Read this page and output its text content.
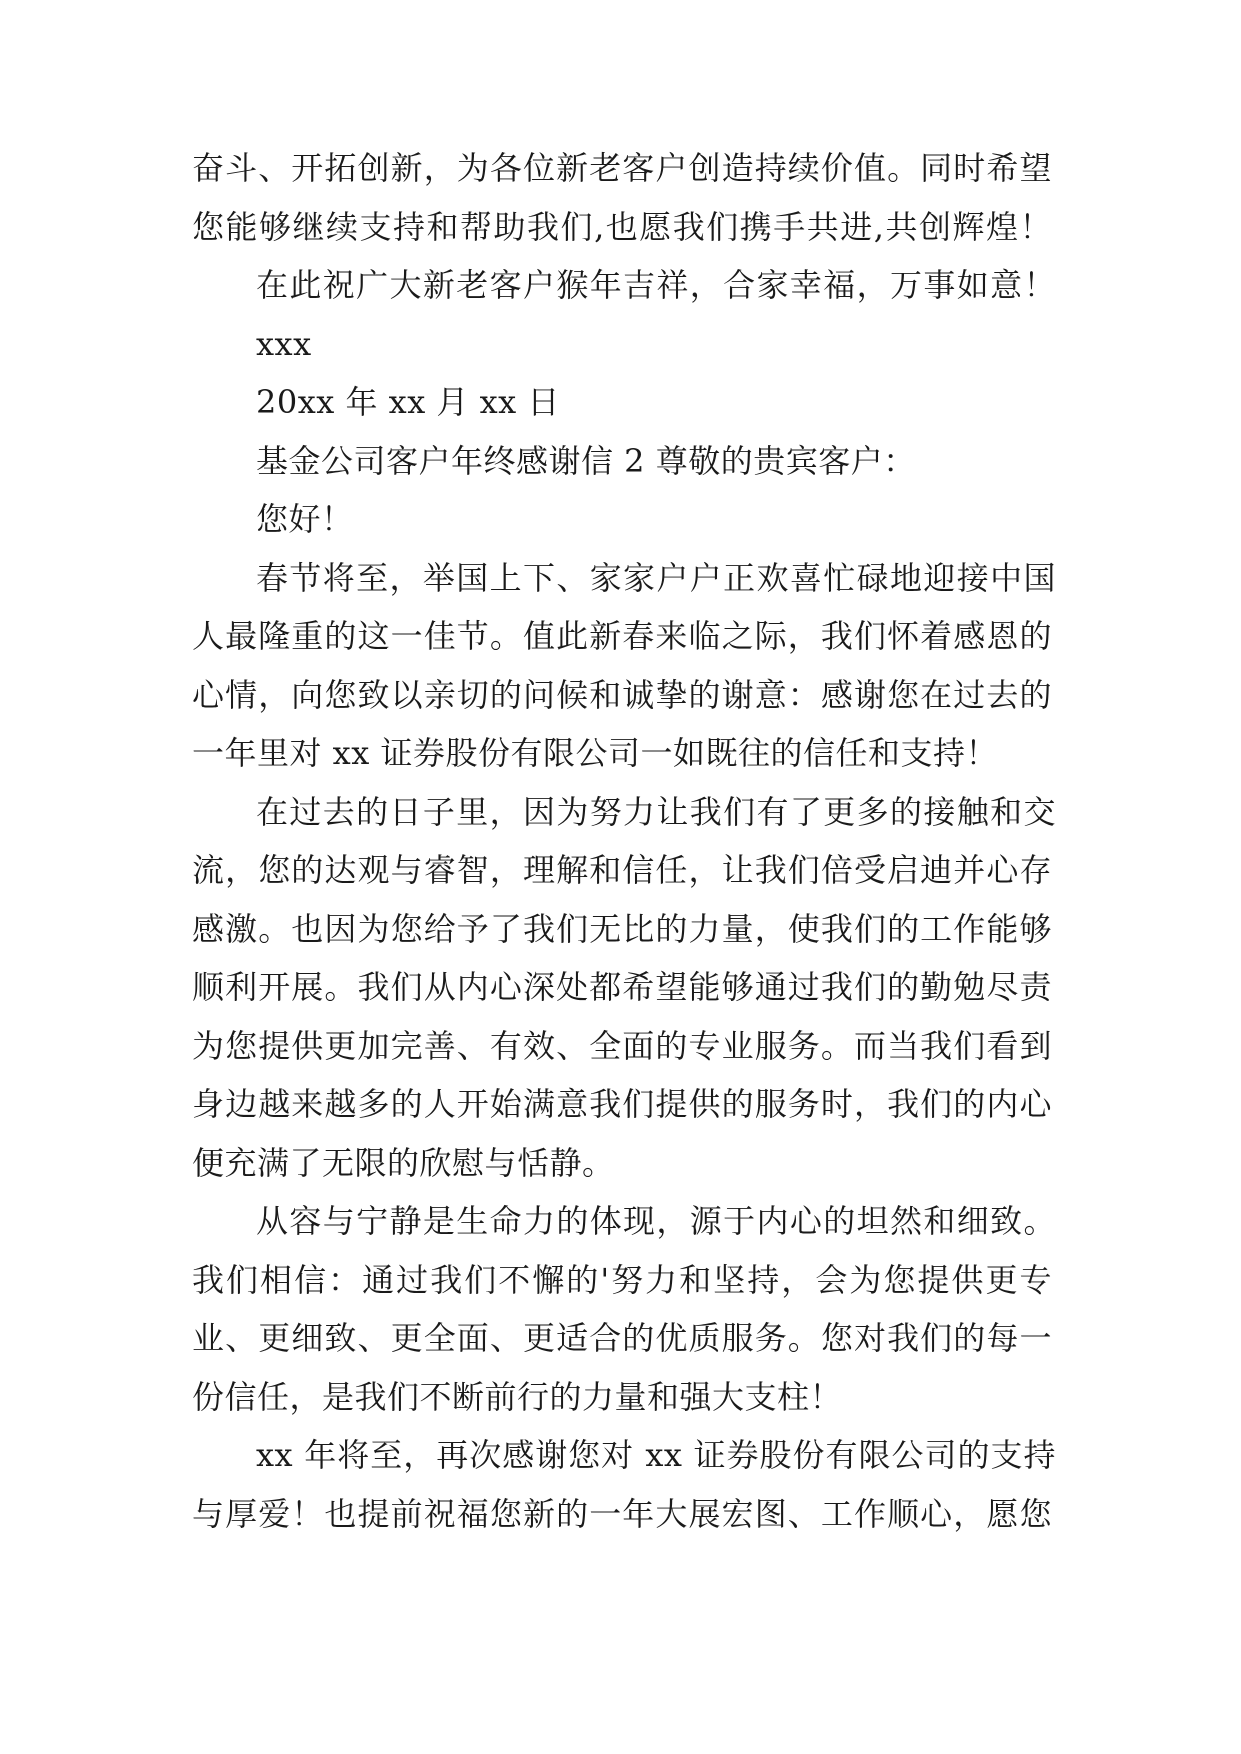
奋斗、开拓创新，为各位新老客户创造持续价值。同时希望
您能够继续支持和帮助我们,也愿我们携手共进,共创辉煌！
在此祝广大新老客户猴年吉祥，合家幸福，万事如意！
xxx
20xx 年 xx 月 xx 日
基金公司客户年终感谢信 2 尊敬的贵宾客户：
您好！
春节将至，举国上下、家家户户正欢喜忙碌地迎接中国
人最隆重的这一佳节。值此新春来临之际，我们怀着感恩的
心情，向您致以亲切的问候和诚挚的谢意：感谢您在过去的
一年里对 xx 证券股份有限公司一如既往的信任和支持！
在过去的日子里，因为努力让我们有了更多的接触和交
流，您的达观与睿智，理解和信任，让我们倍受启迪并心存
感激。也因为您给予了我们无比的力量，使我们的工作能够
顺利开展。我们从内心深处都希望能够通过我们的勤勉尽责
为您提供更加完善、有效、全面的专业服务。而当我们看到
身边越来越多的人开始满意我们提供的服务时，我们的内心
便充满了无限的欣慰与恬静。
从容与宁静是生命力的体现，源于内心的坦然和细致。
我们相信：通过我们不懈的'努力和坚持，会为您提供更专
业、更细致、更全面、更适合的优质服务。您对我们的每一
份信任，是我们不断前行的力量和强大支柱！
xx 年将至，再次感谢您对 xx 证券股份有限公司的支持
与厚爱！也提前祝福您新的一年大展宏图、工作顺心，愿您
